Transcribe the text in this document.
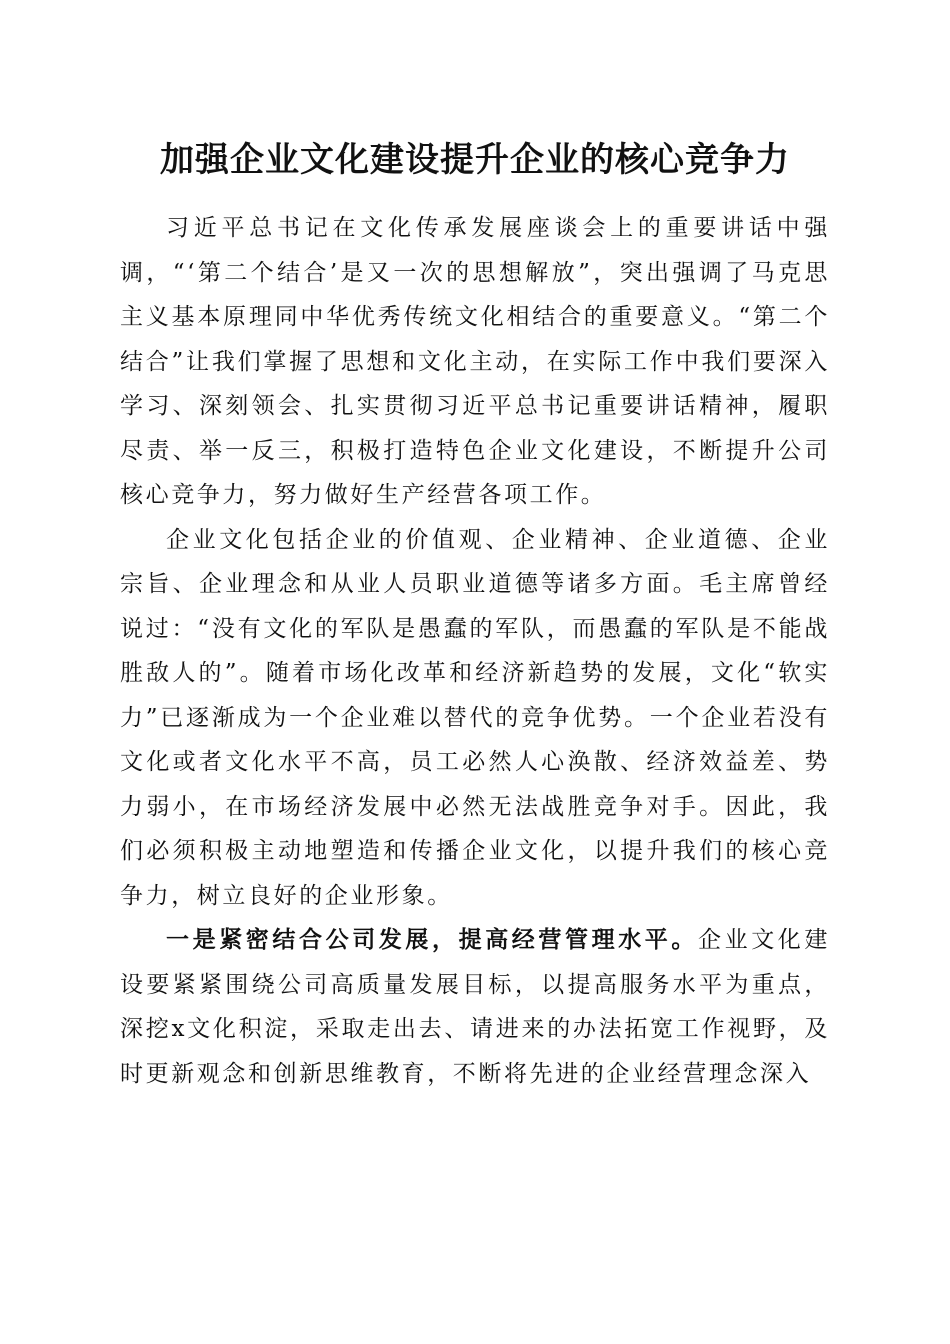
加强企业文化建设提升企业的核心竞争力

习近平总书记在文化传承发展座谈会上的重要讲话中强调，“‘第二个结合’是又一次的思想解放”，突出强调了马克思主义基本原理同中华优秀传统文化相结合的重要意义。“第二个结合”让我们掌握了思想和文化主动，在实际工作中我们要深入学习、深刻领会、扎实贯彻习近平总书记重要讲话精神，履职尽责、举一反三，积极打造特色企业文化建设，不断提升公司核心竞争力，努力做好生产经营各项工作。

企业文化包括企业的价值观、企业精神、企业道德、企业宗旨、企业理念和从业人员职业道德等诸多方面。毛主席曾经说过：“没有文化的军队是愚蠢的军队，而愚蠢的军队是不能战胜敌人的”。随着市场化改革和经济新趋势的发展，文化“软实力”已逐渐成为一个企业难以替代的竞争优势。一个企业若没有文化或者文化水平不高，员工必然人心涣散、经济效益差、势力弱小，在市场经济发展中必然无法战胜竞争对手。因此，我们必须积极主动地塑造和传播企业文化，以提升我们的核心竞争力，树立良好的企业形象。

一是紧密结合公司发展，提高经营管理水平。企业文化建设要紧紧围绕公司高质量发展目标，以提高服务水平为重点，深挖x文化积淀，采取走出去、请进来的办法拓宽工作视野，及时更新观念和创新思维教育，不断将先进的企业经营理念深入
